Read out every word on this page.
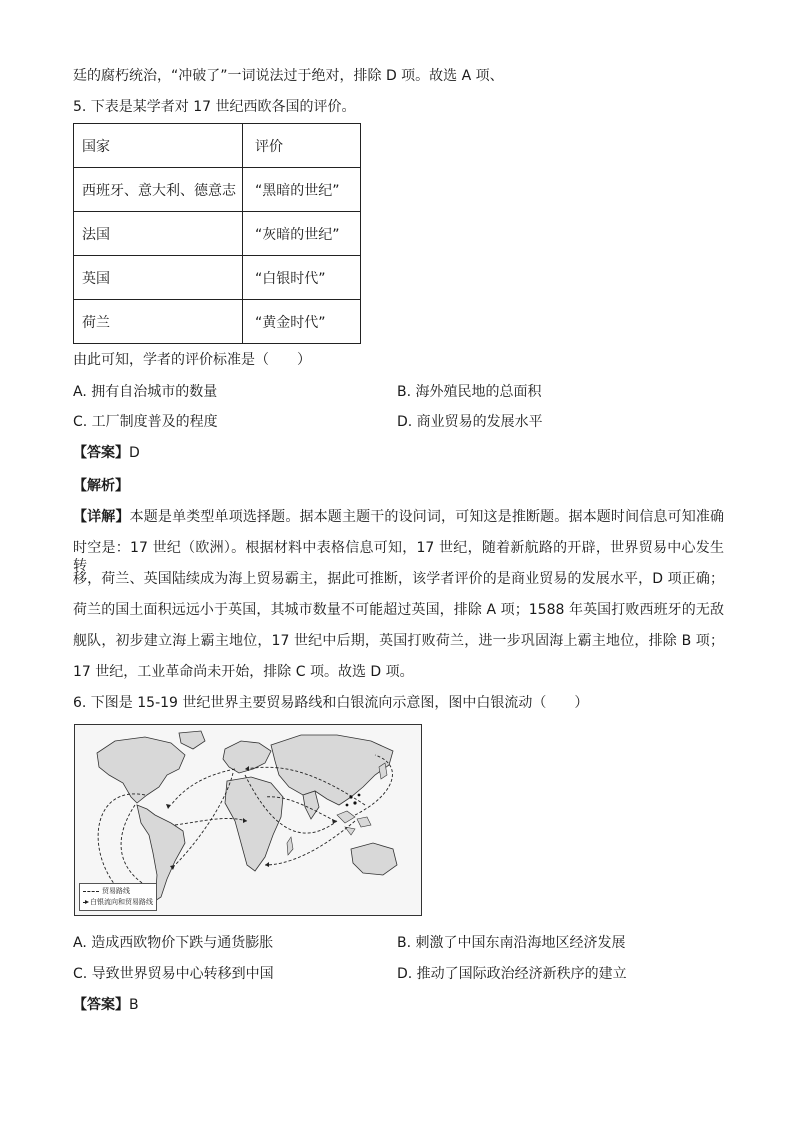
廷的腐朽统治，“冲破了”一词说法过于绝对，排除 D 项。故选 A 项、
5. 下表是某学者对 17 世纪西欧各国的评价。
国家	评价
西班牙、意大利、德意志	“黑暗的世纪”
法国	“灰暗的世纪”
英国	“白银时代”
荷兰	“黄金时代”
由此可知，学者的评价标准是（　　）
A. 拥有自治城市的数量	B. 海外殖民地的总面积
C. 工厂制度普及的程度	D. 商业贸易的发展水平
【答案】D
【解析】
【详解】本题是单类型单项选择题。据本题主题干的设问词，可知这是推断题。据本题时间信息可知准确
时空是：17 世纪（欧洲）。根据材料中表格信息可知，17 世纪，随着新航路的开辟，世界贸易中心发生转
移，荷兰、英国陆续成为海上贸易霸主，据此可推断，该学者评价的是商业贸易的发展水平，D 项正确；
荷兰的国土面积远远小于英国，其城市数量不可能超过英国，排除 A 项；1588 年英国打败西班牙的无敌
舰队，初步建立海上霸主地位，17 世纪中后期，英国打败荷兰，进一步巩固海上霸主地位，排除 B 项；
17 世纪，工业革命尚未开始，排除 C 项。故选 D 项。
6. 下图是 15-19 世纪世界主要贸易路线和白银流向示意图，图中白银流动（　　）
贸易路线
白银流向和贸易路线
A. 造成西欧物价下跌与通货膨胀	B. 刺激了中国东南沿海地区经济发展
C. 导致世界贸易中心转移到中国	D. 推动了国际政治经济新秩序的建立
【答案】B
